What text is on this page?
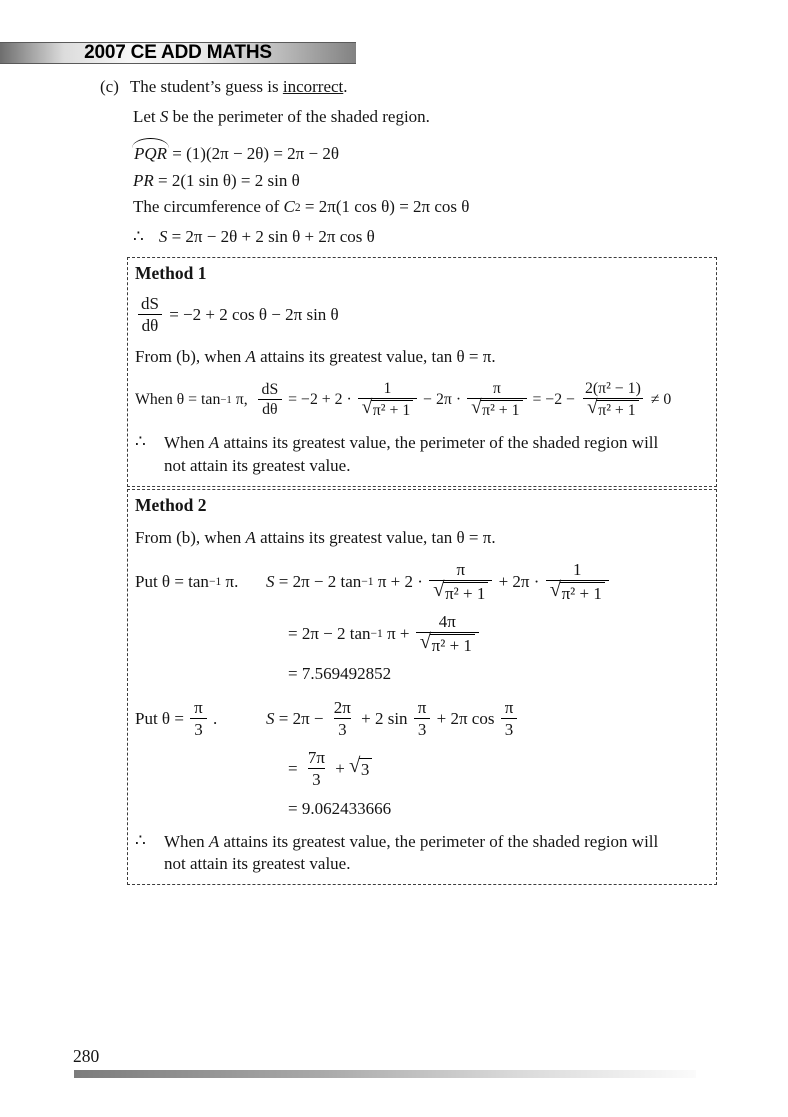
2007 CE ADD MATHS
(c) The student’s guess is incorrect.
Let S be the perimeter of the shaded region.
PQR = (1)(2π − 2θ) = 2π − 2θ
PR = 2(1 sin θ) = 2 sin θ
The circumference of C 2 = 2π(1 cos θ) = 2π cos θ
∴ S = 2π − 2θ + 2 sin θ + 2π cos θ
Method 1
$\frac{dS}{d\theta} = -2 + 2$ cos θ − 2π sin θ
From (b), when A attains its greatest value, tan θ = π.
When θ = tan −1 π, $\frac{dS}{d\theta} = -2 + 2 \cdot \frac{1}{\text{√ π² + 1}} - 2\pi \cdot \frac{\pi}{\text{√ π² + 1}} = -2 - \frac{\text{2(π² − 1)}}{\text{√ π² + 1}} \ne 0$
∴	When A attains its greatest value, the perimeter of the shaded region will
not attain its greatest value.
Method 2
From (b), when A attains its greatest value, tan θ = π.
Put θ = tan −1 π. S = 2π − 2 tan −1 $\pi + 2 \cdot \frac{\pi}{\text{√ π² + 1}} + 2\pi \cdot \frac{1}{\text{√ π² + 1}}$
= 2π − 2 tan −1 $\pi + \frac{4\pi}{\text{√ π² + 1}}$
= 7.569492852
Put $\theta = \frac{\pi}{3}$ .	$S = 2\pi - \frac{2\pi}{3} + 2$ $\sin \frac{\pi}{3} + 2\pi$ $\cos \frac{\pi}{3}$
= $\frac{7\pi}{3}$ + √ 3
= 9.062433666
∴	When A attains its greatest value, the perimeter of the shaded region will
not attain its greatest value.
280
